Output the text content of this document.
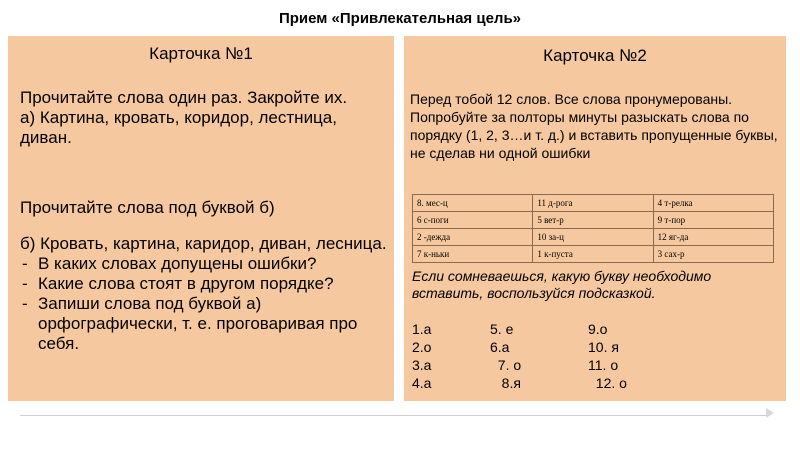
Прием «Привлекательная цель»
Карточка №1

Прочитайте слова один раз. Закройте их.

а) Картина, кровать, коридор, лестница, диван.

Прочитайте слова под буквой б)

б) Кровать, картина, каридор, диван, лесница.

- В каких словах допущены ошибки?
- Какие слова стоят в другом порядке?
- Запиши слова под буквой а) орфографически, т. е. проговаривая про себя.
Карточка №2
Перед тобой 12 слов. Все слова пронумерованы. Попробуйте за полторы минуты разыскать слова по порядку (1, 2, 3…и т. д.) и вставить пропущенные буквы, не сделав ни одной ошибки
8. мес-ц	11 д-рога	4 т-релка
6 с-поги	5 вет-р	9 т-пор
2 -дежда	10 за-ц	12 яг-да
7 к-ньки	1 к-пуста	3 сах-р
Если сомневаешься, какую букву необходимо вставить, воспользуйся подсказкой.
1.а	5. е	9.о
2.о	6.а	10. я
3.а	7. о	11. о
4.а	8.я	12. о
